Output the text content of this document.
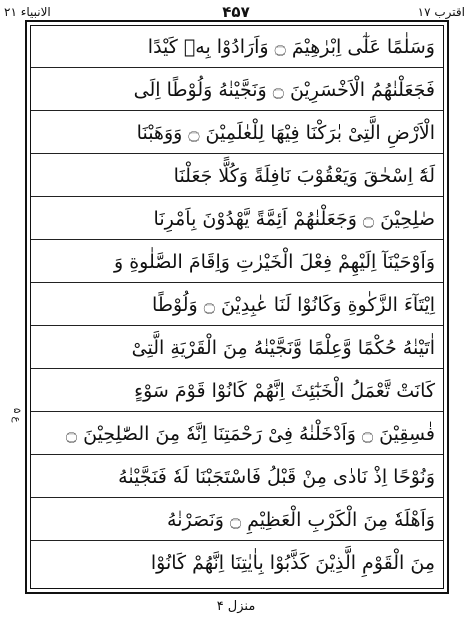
الانبیاء ۲۱	۴۵۷	اقترب ۱۷
ع ۵
وَسَلٰمًا عَلٰٓى اِبْرٰهِيْمَ ۝ وَاَرَادُوْا بِهٖ كَيْدًا
فَجَعَلْنٰهُمُ الْاَخْسَرِيْنَ ۝ وَنَجَّيْنٰهُ وَلُوْطًا اِلَى
الْاَرْضِ الَّتِىْ بٰرَكْنَا فِيْهَا لِلْعٰلَمِيْنَ ۝ وَوَهَبْنَا
لَهٗٓ اِسْحٰقَ وَيَعْقُوْبَ نَافِلَةً وَكُلًّا جَعَلْنَا
صٰلِحِيْنَ ۝ وَجَعَلْنٰهُمْ اَئِمَّةً يَّهْدُوْنَ بِاَمْرِنَا
وَاَوْحَيْنَآ اِلَيْهِمْ فِعْلَ الْخَيْرٰتِ وَاِقَامَ الصَّلٰوةِ وَ
اِيْتَآءَ الزَّكٰوةِ وَكَانُوْا لَنَا عٰبِدِيْنَ ۝ وَلُوْطًا
اٰتَيْنٰهُ حُكْمًا وَّعِلْمًا وَّنَجَّيْنٰهُ مِنَ الْقَرْيَةِ الَّتِىْ
كَانَتْ تَّعْمَلُ الْخَبٰٓئِثَ اِنَّهُمْ كَانُوْا قَوْمَ سَوْءٍ
فٰسِقِيْنَ ۝ وَاَدْخَلْنٰهُ فِىْ رَحْمَتِنَا اِنَّهٗ مِنَ الصّٰلِحِيْنَ ۝
وَنُوْحًا اِذْ نَادٰى مِنْ قَبْلُ فَاسْتَجَبْنَا لَهٗ فَنَجَّيْنٰهُ
وَاَهْلَهٗ مِنَ الْكَرْبِ الْعَظِيْمِ ۝ وَنَصَرْنٰهُ
مِنَ الْقَوْمِ الَّذِيْنَ كَذَّبُوْا بِاٰيٰتِنَا اِنَّهُمْ كَانُوْا
منزل ۴
